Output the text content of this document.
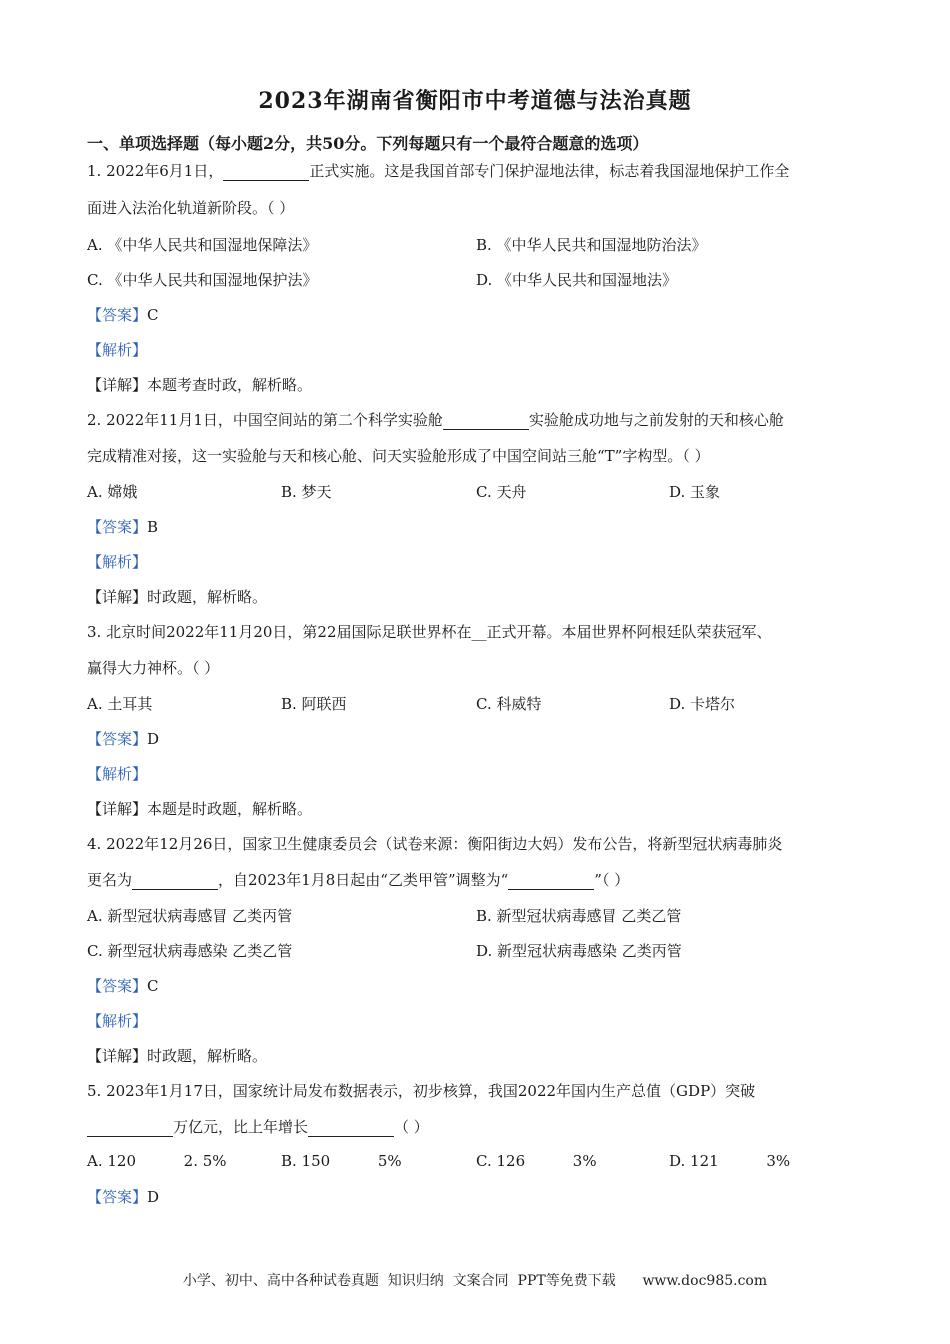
2023年湖南省衡阳市中考道德与法治真题
一、单项选择题（每小题2分，共50分。下列每题只有一个最符合题意的选项）
1. 2022年6月1日，	正式实施。这是我国首部专门保护湿地法律，标志着我国湿地保护工作全
面进入法治化轨道新阶段。（ ）
A. 《中华人民共和国湿地保障法》	B. 《中华人民共和国湿地防治法》
C. 《中华人民共和国湿地保护法》	D. 《中华人民共和国湿地法》
【答案】C
【解析】
【详解】本题考查时政，解析略。
2. 2022年11月1日，中国空间站的第二个科学实验舱	实验舱成功地与之前发射的天和核心舱
完成精准对接，这一实验舱与天和核心舱、问天实验舱形成了中国空间站三舱“T”字构型。（ ）
A. 嫦娥	B. 梦天	C. 天舟	D. 玉象
【答案】B
【解析】
【详解】时政题，解析略。
3. 北京时间2022年11月20日，第22届国际足联世界杯在__正式开幕。本届世界杯阿根廷队荣获冠军、
赢得大力神杯。（ ）
A. 土耳其	B. 阿联西	C. 科威特	D. 卡塔尔
【答案】D
【解析】
【详解】本题是时政题，解析略。
4. 2022年12月26日，国家卫生健康委员会（试卷来源：衡阳街边大妈）发布公告，将新型冠状病毒肺炎
更名为	，自2023年1月8日起由“乙类甲管”调整为“	”（ ）
A. 新型冠状病毒感冒 乙类丙管	B. 新型冠状病毒感冒 乙类乙管
C. 新型冠状病毒感染 乙类乙管	D. 新型冠状病毒感染 乙类丙管
【答案】C
【解析】
【详解】时政题，解析略。
5. 2023年1月17日，国家统计局发布数据表示，初步核算，我国2022年国内生产总值（GDP）突破
万亿元，比上年增长	（ ）
A. 120          2. 5%	B. 150          5%	C. 126          3%	D. 121          3%
【答案】D
小学、初中、高中各种试卷真题  知识归纳  文案合同  PPT等免费下载      www.doc985.com
